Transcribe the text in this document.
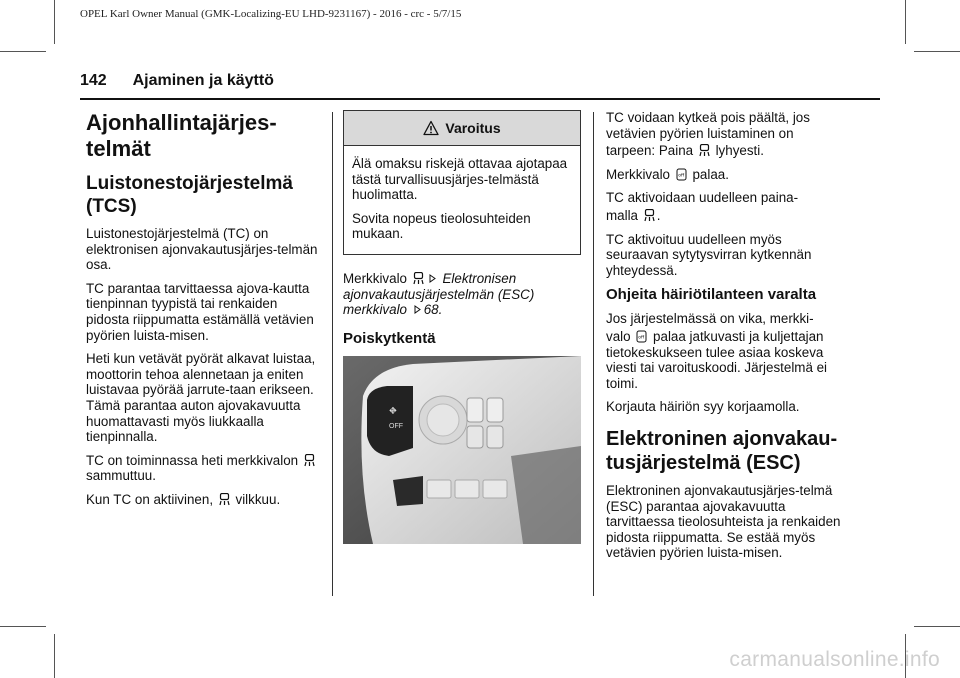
OPEL Karl Owner Manual (GMK-Localizing-EU LHD-9231167) - 2016 - crc - 5/7/15
142 Ajaminen ja käyttö
Ajonhallintajärjes-telmät
Luistonestojärjestelmä (TCS)

Luistonestojärjestelmä (TC) on elektronisen ajonvakautusjärjes-telmän osa.

TC parantaa tarvittaessa ajova-kautta tienpinnan tyypistä tai renkaiden pidosta riippumatta estämällä vetävien pyörien luista-misen.

Heti kun vetävät pyörät alkavat luistaa, moottorin tehoa alennetaan ja eniten luistavaa pyörää jarrute-taan erikseen. Tämä parantaa auton ajovakavuutta huomattavasti myös liukkaalla tienpinnalla.

TC on toiminnassa heti merkkivalon
sammuttuu.

Kun TC on aktiivinen, vilkkuu.

Varoitus

Älä omaksu riskejä ottavaa ajotapaa tästä turvallisuusjärjes-telmästä huolimatta.

Sovita nopeus tieolosuhteiden mukaan.

Merkkivalo	Elektronisen ajonvakautusjärjestelmän (ESC) merkkivalo 68.

Poiskytkentä
⛖
OFF

TC voidaan kytkeä pois päältä, jos vetävien pyörien luistaminen on

tarpeen: Paina lyhyesti.

Merkkivalo off palaa.

TC aktivoidaan uudelleen paina-

malla .

TC aktivoituu uudelleen myös seuraavan sytytysvirran kytkennän yhteydessä.

Ohjeita häiriötilanteen varalta

Jos järjestelmässä on vika, merkki-

valo off palaa jatkuvasti ja kuljettajan tietokeskukseen tulee asiaa koskeva viesti tai varoituskoodi. Järjestelmä ei toimi.

Korjauta häiriön syy korjaamolla.

Elektroninen ajonvakau-tusjärjestelmä (ESC)

Elektroninen ajonvakautusjärjes-telmä (ESC) parantaa ajovakavuutta tarvittaessa tieolosuhteista ja renkaiden pidosta riippumatta. Se estää myös vetävien pyörien luista-misen.

carmanualsonline.info
